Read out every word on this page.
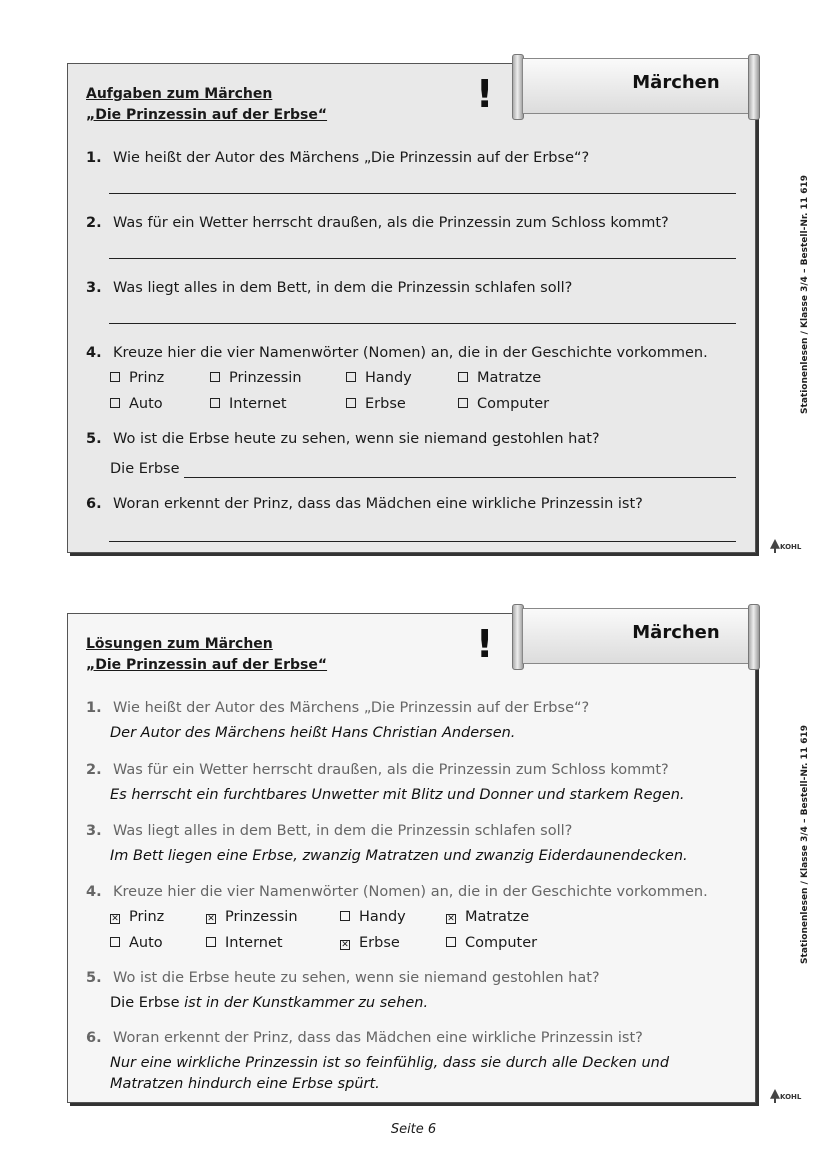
Märchen
!
Aufgaben zum Märchen
„Die Prinzessin auf der Erbse“
1. Wie heißt der Autor des Märchens „Die Prinzessin auf der Erbse“?
2. Was für ein Wetter herrscht draußen, als die Prinzessin zum Schloss kommt?
3. Was liegt alles in dem Bett, in dem die Prinzessin schlafen soll?
4. Kreuze hier die vier Namenwörter (Nomen) an, die in der Geschichte vorkommen.
Prinz	Prinzessin	Handy	Matratze
Auto	Internet	Erbse	Computer
5. Wo ist die Erbse heute zu sehen, wenn sie niemand gestohlen hat?
Die Erbse
6. Woran erkennt der Prinz, dass das Mädchen eine wirkliche Prinzessin ist?
Märchen
!
Lösungen zum Märchen
„Die Prinzessin auf der Erbse“
1. Wie heißt der Autor des Märchens „Die Prinzessin auf der Erbse“?
Der Autor des Märchens heißt Hans Christian Andersen.
2. Was für ein Wetter herrscht draußen, als die Prinzessin zum Schloss kommt?
Es herrscht ein furchtbares Unwetter mit Blitz und Donner und starkem Regen.
3. Was liegt alles in dem Bett, in dem die Prinzessin schlafen soll?
Im Bett liegen eine Erbse, zwanzig Matratzen und zwanzig Eiderdaunendecken.
4. Kreuze hier die vier Namenwörter (Nomen) an, die in der Geschichte vorkommen.
✕ Prinz	✕ Prinzessin	Handy	✕ Matratze
Auto	Internet	✕ Erbse	Computer
5. Wo ist die Erbse heute zu sehen, wenn sie niemand gestohlen hat?
Die Erbse ist in der Kunstkammer zu sehen.
6. Woran erkennt der Prinz, dass das Mädchen eine wirkliche Prinzessin ist?
Nur eine wirkliche Prinzessin ist so feinfühlig, dass sie durch alle Decken und Matratzen hindurch eine Erbse spürt.
Stationenlesen / Klasse 3/4 – Bestell-Nr. 11 619
KOHL
Stationenlesen / Klasse 3/4 – Bestell-Nr. 11 619
KOHL
Seite 6
